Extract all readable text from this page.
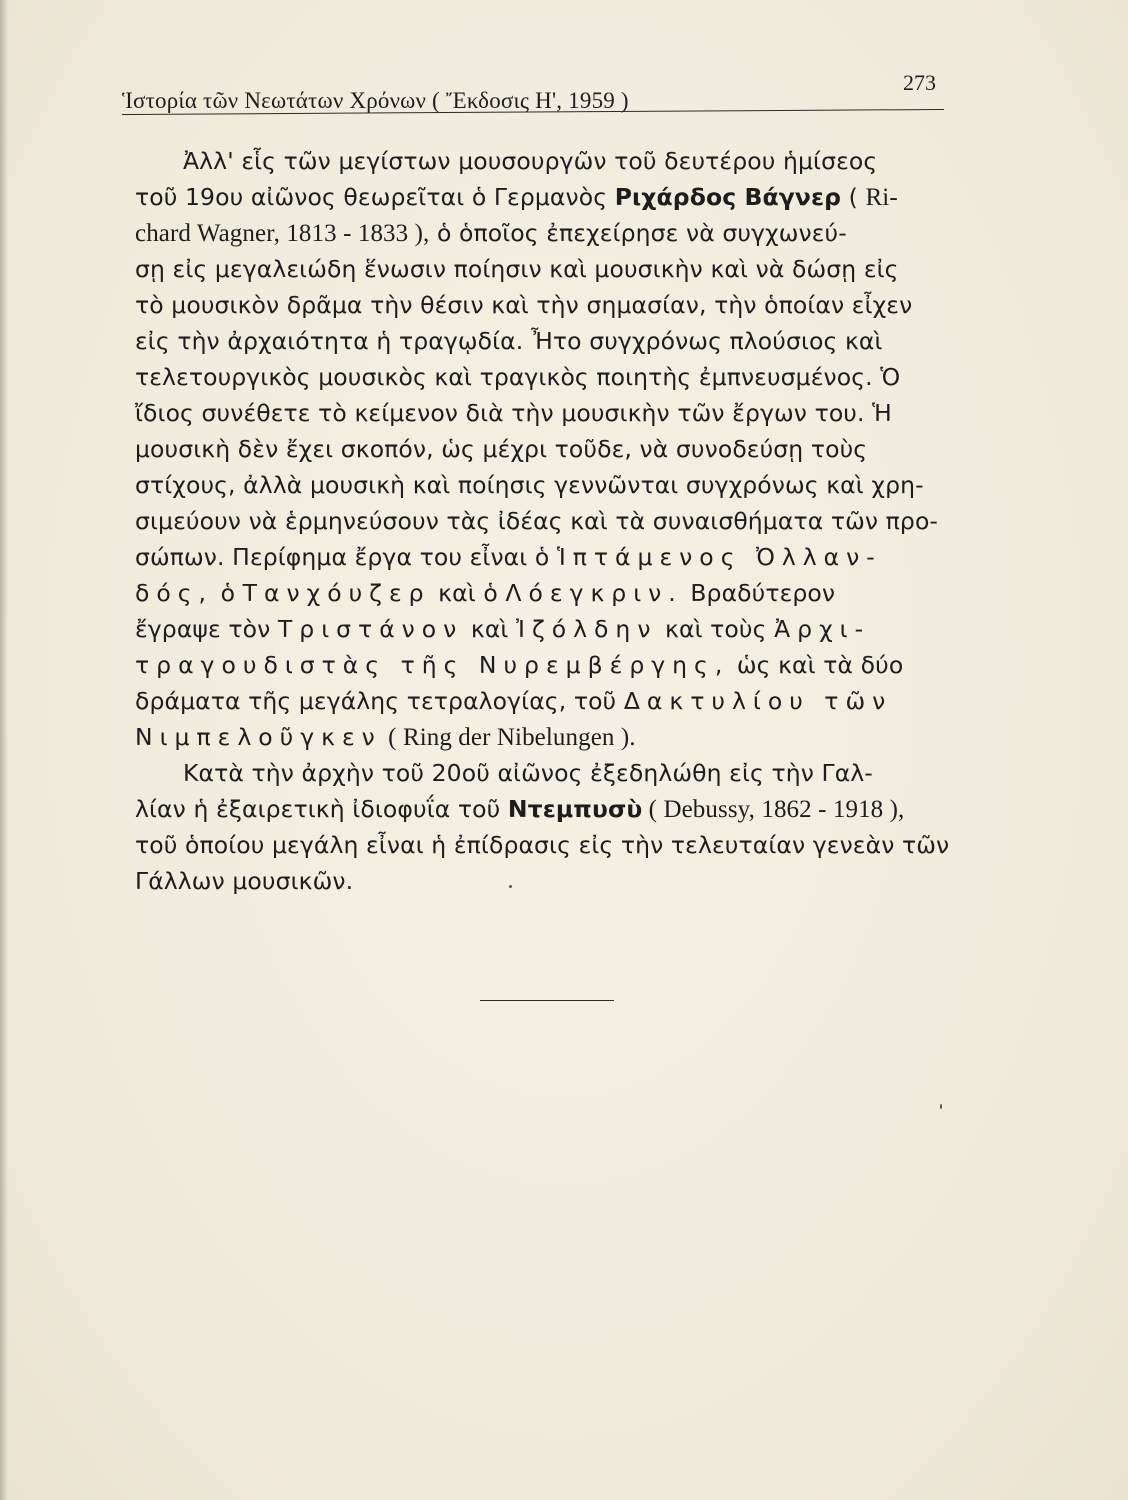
Ἱστορία τῶν Νεωτάτων Χρόνων ( Ἔκδοσις Η', 1959 )
273
Ἀλλ' εἷς τῶν μεγίστων μουσουργῶν τοῦ δευτέρου ἡμίσεος
τοῦ 19ου αἰῶνος θεωρεῖται ὁ Γερμανὸς Ριχάρδος Βάγνερ ( Ri-
chard Wagner, 1813 - 1833 ), ὁ ὁποῖος ἐπεχείρησε νὰ συγχωνεύ-
σῃ εἰς μεγαλειώδη ἕνωσιν ποίησιν καὶ μουσικὴν καὶ νὰ δώσῃ εἰς
τὸ μουσικὸν δρᾶμα τὴν θέσιν καὶ τὴν σημασίαν, τὴν ὁποίαν εἶχεν
εἰς τὴν ἀρχαιότητα ἡ τραγῳδία. Ἦτο συγχρόνως πλούσιος καὶ
τελετουργικὸς μουσικὸς καὶ τραγικὸς ποιητὴς ἐμπνευσμένος. Ὁ
ἴδιος συνέθετε τὸ κείμενον διὰ τὴν μουσικὴν τῶν ἔργων του. Ἡ
μουσικὴ δὲν ἔχει σκοπόν, ὡς μέχρι τοῦδε, νὰ συνοδεύσῃ τοὺς
στίχους, ἀλλὰ μουσικὴ καὶ ποίησις γεννῶνται συγχρόνως καὶ χρη-
σιμεύουν νὰ ἑρμηνεύσουν τὰς ἰδέας καὶ τὰ συναισθήματα τῶν προ-
σώπων. Περίφημα ἔργα του εἶναι ὁ Ἱπτάμενος Ὀλλαν-
δός, ὁ Τανχόυζερ καὶ ὁ Λόεγκριν. Βραδύτερον
ἔγραψε τὸν Τριστάνον καὶ Ἰζόλδην καὶ τοὺς Ἀρχι-
τραγουδιστὰς τῆς Νυρεμβέργης, ὡς καὶ τὰ δύο
δράματα τῆς μεγάλης τετραλογίας, τοῦ Δακτυλίου τῶν
Νιμπελοῦγκεν ( Ring der Nibelungen ).
Κατὰ τὴν ἀρχὴν τοῦ 20οῦ αἰῶνος ἐξεδηλώθη εἰς τὴν Γαλ-
λίαν ἡ ἐξαιρετικὴ ἰδιοφυΐα τοῦ Ντεμπυσὺ ( Debussy, 1862 - 1918 ),
τοῦ ὁποίου μεγάλη εἶναι ἡ ἐπίδρασις εἰς τὴν τελευταίαν γενεὰν τῶν
Γάλλων μουσικῶν.
